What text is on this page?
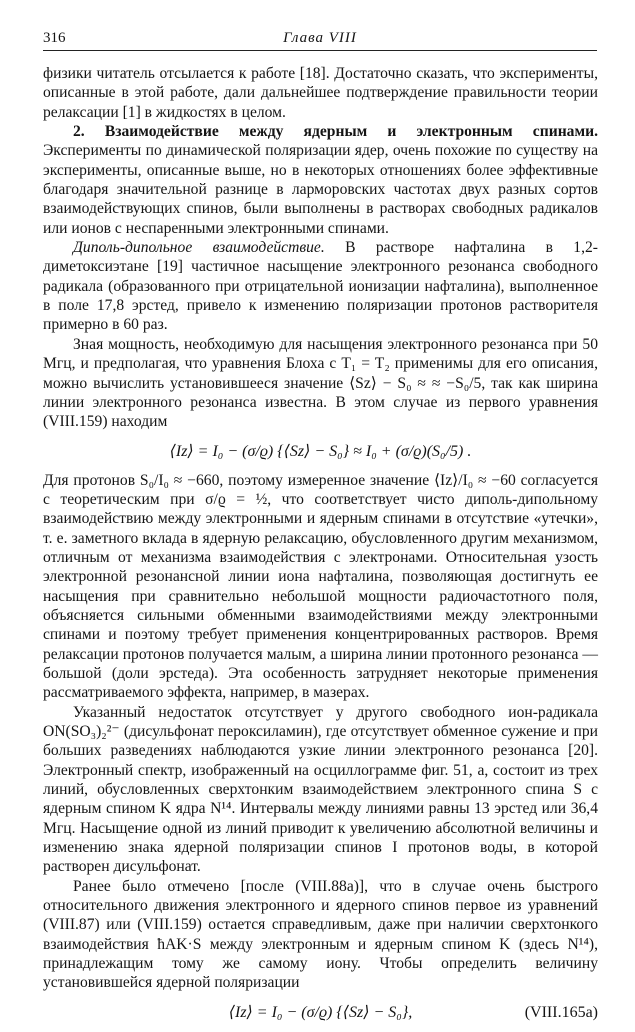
316	Глава VIII

физики читатель отсылается к работе [18]. Достаточно сказать, что эксперименты, описанные в этой работе, дали дальнейшее подтверждение правильности теории релаксации [1] в жидкостях в целом.

2. Взаимодействие между ядерным и электронным спинами. Эксперименты по динамической поляризации ядер, очень похожие по существу на эксперименты, описанные выше, но в некоторых отношениях более эффективные благодаря значительной разнице в ларморовских частотах двух разных сортов взаимодействующих спинов, были выполнены в растворах свободных радикалов или ионов с неспаренными электронными спинами.

Диполь-дипольное взаимодействие. В растворе нафталина в 1,2-диметоксиэтане [19] частичное насыщение электронного резонанса свободного радикала (образованного при отрицательной ионизации нафталина), выполненное в поле 17,8 эрстед, привело к изменению поляризации протонов растворителя примерно в 60 раз.

Зная мощность, необходимую для насыщения электронного резонанса при 50 Мгц, и предполагая, что уравнения Блоха с T₁ = T₂ применимы для его описания, можно вычислить установившееся значение ⟨Sz⟩ − S₀ ≈ ≈ −S₀/5, так как ширина линии электронного резонанса известна. В этом случае из первого уравнения (VIII.159) находим

⟨Iz⟩ = I₀ − (σ/ϱ) {⟨Sz⟩ − S₀} ≈ I₀ + (σ/ϱ)(S₀/5) .

Для протонов S₀/I₀ ≈ −660, поэтому измеренное значение ⟨Iz⟩/I₀ ≈ −60 согласуется с теоретическим при σ/ϱ = ½, что соответствует чисто диполь-дипольному взаимодействию между электронными и ядерным спинами в отсутствие «утечки», т. е. заметного вклада в ядерную релаксацию, обусловленного другим механизмом, отличным от механизма взаимодействия с электронами. Относительная узость электронной резонансной линии иона нафталина, позволяющая достигнуть ее насыщения при сравнительно небольшой мощности радиочастотного поля, объясняется сильными обменными взаимодействиями между электронными спинами и поэтому требует применения концентрированных растворов. Время релаксации протонов получается малым, а ширина линии протонного резонанса — большой (доли эрстеда). Эта особенность затрудняет некоторые применения рассматриваемого эффекта, например, в мазерах.

Указанный недостаток отсутствует у другого свободного ион-радикала ON(SO₃)₂²⁻ (дисульфонат пероксиламин), где отсутствует обменное сужение и при больших разведениях наблюдаются узкие линии электронного резонанса [20]. Электронный спектр, изображенный на осциллограмме фиг. 51, а, состоит из трех линий, обусловленных сверхтонким взаимодействием электронного спина S с ядерным спином K ядра N¹⁴. Интервалы между линиями равны 13 эрстед или 36,4 Мгц. Насыщение одной из линий приводит к увеличению абсолютной величины и изменению знака ядерной поляризации спинов I протонов воды, в которой растворен дисульфонат.

Ранее было отмечено [после (VIII.88a)], что в случае очень быстрого относительного движения электронного и ядерного спинов первое из уравнений (VIII.87) или (VIII.159) остается справедливым, даже при наличии сверхтонкого взаимодействия ħAK·S между электронным и ядерным спином K (здесь N¹⁴), принадлежащим тому же самому иону. Чтобы определить величину установившейся ядерной поляризации

⟨Iz⟩ = I₀ − (σ/ϱ) {⟨Sz⟩ − S₀},	(VIII.165a)
